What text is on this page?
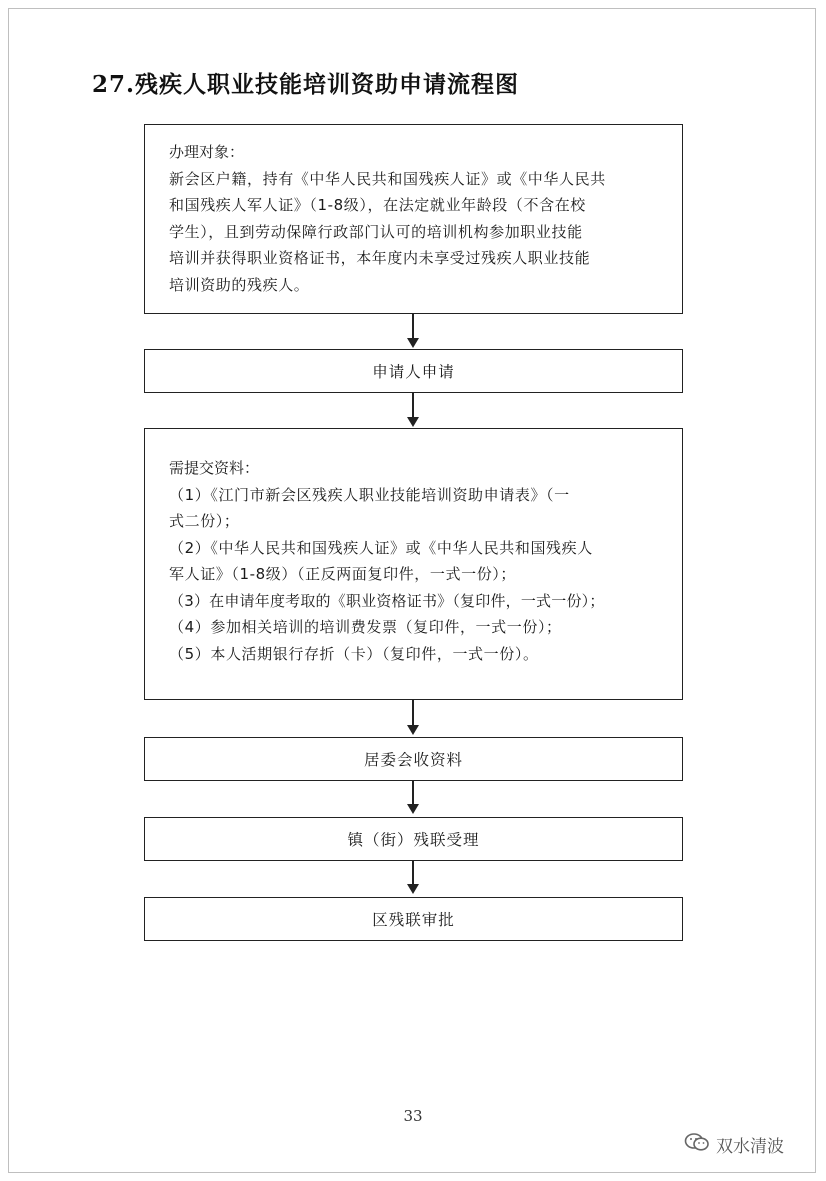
27.残疾人职业技能培训资助申请流程图
办理对象：
新会区户籍，持有《中华人民共和国残疾人证》或《中华人民共
和国残疾人军人证》（1-8级），在法定就业年龄段（不含在校
学生），且到劳动保障行政部门认可的培训机构参加职业技能
培训并获得职业资格证书，本年度内未享受过残疾人职业技能
培训资助的残疾人。
申请人申请
需提交资料：
（1）《江门市新会区残疾人职业技能培训资助申请表》（一
式二份）；
（2）《中华人民共和国残疾人证》或《中华人民共和国残疾人
军人证》（1-8级）（正反两面复印件，一式一份）；
（3）在申请年度考取的《职业资格证书》（复印件，一式一份）；
（4）参加相关培训的培训费发票（复印件，一式一份）；
（5）本人活期银行存折（卡）（复印件，一式一份）。
居委会收资料
镇（街）残联受理
区残联审批
33
双水清波
